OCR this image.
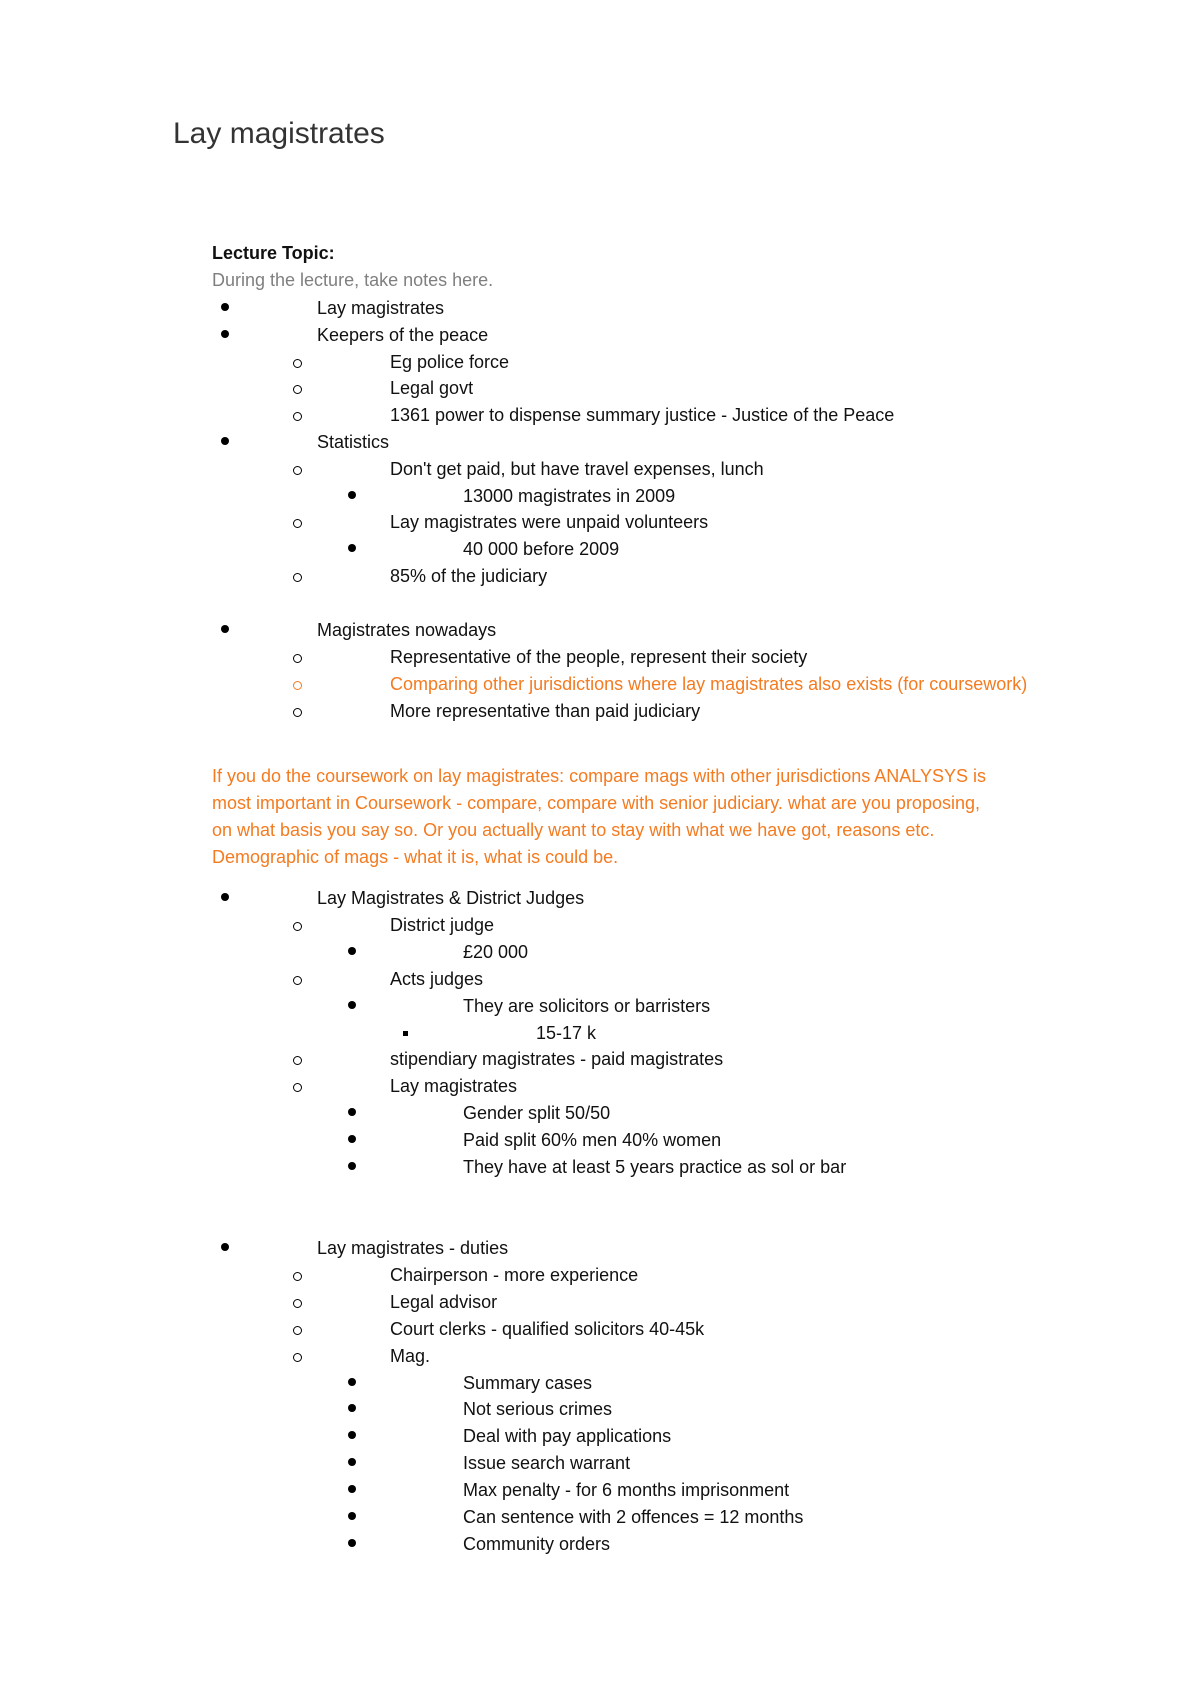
Lay magistrates
Lecture Topic:
During the lecture, take notes here.
Lay magistrates
Keepers of the peace
Eg police force
Legal govt
1361 power to dispense summary justice - Justice of the Peace
Statistics
Don't get paid, but have travel expenses, lunch
13000 magistrates in 2009
Lay magistrates were unpaid volunteers
40 000 before 2009
85% of the judiciary
Magistrates nowadays
Representative of the people, represent their society
Comparing other jurisdictions where lay magistrates also exists (for coursework)
More representative than paid judiciary
Lay Magistrates & District Judges
District judge
£20 000
Acts judges
They are solicitors or barristers
15-17 k
stipendiary magistrates - paid magistrates
Lay magistrates
Gender split 50/50
Paid split 60% men 40% women
They have at least 5 years practice as sol or bar
Lay magistrates - duties
Chairperson - more experience
Legal advisor
Court clerks - qualified solicitors 40-45k
Mag.
Summary cases
Not serious crimes
Deal with pay applications
Issue search warrant
Max penalty - for 6 months imprisonment
Can sentence with 2 offences = 12 months
Community orders
If you do the coursework on lay magistrates: compare mags with other jurisdictions ANALYSYS is
most important in Coursework - compare, compare with senior judiciary. what are you proposing,
on what basis you say so. Or you actually want to stay with what we have got, reasons etc.
Demographic of mags - what it is, what is could be.
